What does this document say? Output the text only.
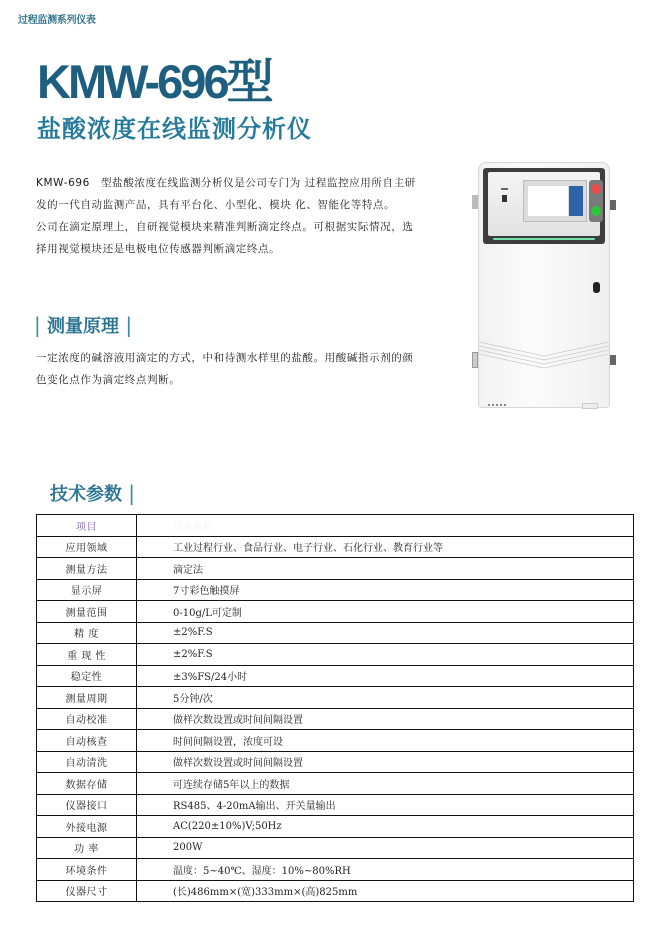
过程监测系列仪表
KMW-696型
盐酸浓度在线监测分析仪

KMW-696　型盐酸浓度在线监测分析仪是公司专门为 过程监控应用所自主研发的一代自动监测产品，具有平台化、小型化、模块 化、智能化等特点。

公司在滴定原理上，自研视觉模块来精准判断滴定终点。可根据实际情况，选择用视觉模块还是电极电位传感器判断滴定终点。

| 测量原理 |
一定浓度的碱溶液用滴定的方式，中和待测水样里的盐酸。用酸碱指示剂的颜色变化点作为滴定终点判断。
技术参数 |
项目	技术参数
应用领域	工业过程行业、食品行业、电子行业、石化行业、教育行业等
测量方法	滴定法
显示屏	7寸彩色触摸屏
测量范围	0-10g/L可定制
精 度	±2%F.S
重 现 性	±2%F.S
稳定性	±3%FS/24小时
测量周期	5分钟/次
自动校准	做样次数设置或时间间隔设置
自动核查	时间间隔设置，浓度可设
自动清洗	做样次数设置或时间间隔设置
数据存储	可连续存储5年以上的数据
仪器接口	RS485、4-20mA输出、开关量输出
外接电源	AC(220±10%)V;50Hz
功 率	200W
环境条件	温度：5~40℃、湿度：10%~80%RH
仪器尺寸	(长)486mm×(宽)333mm×(高)825mm
